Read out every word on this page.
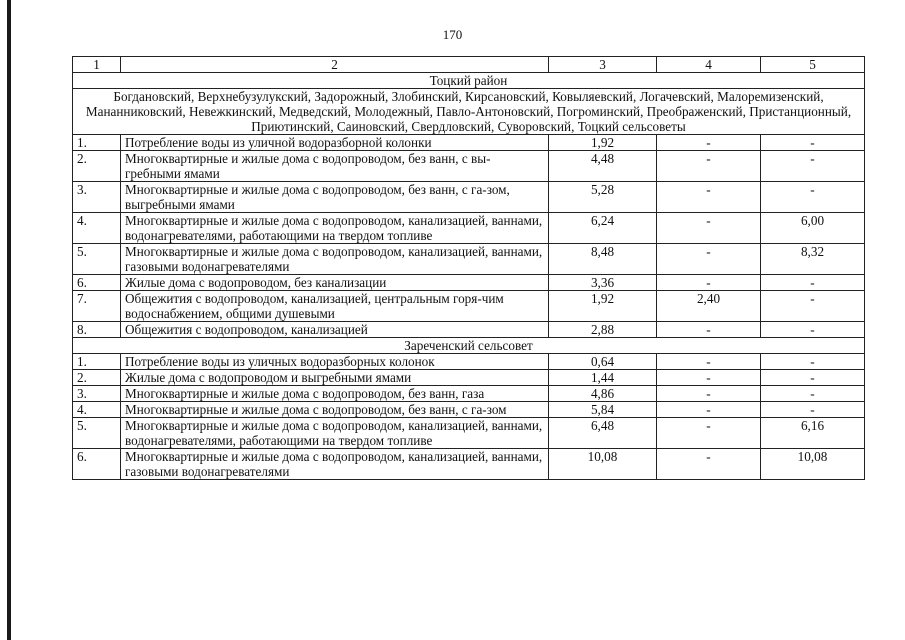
170
1	2	3	4	5
Тоцкий район				
Богдановский, Верхнебузулукский, Задорожный, Злобинский, Кирсановский, Ковыляевский, Логачевский, Малоремизенский, Мананниковский, Невежкинский, Медведский, Молодежный, Павло-Антоновский, Погроминский, Преображенский, Пристанционный, Приютинский, Саиновский, Свердловский, Суворовский, Тоцкий сельсоветы				
1.	Потребление воды из уличной водоразборной колонки	1,92	-	-
2.	Многоквартирные и жилые дома с водопроводом, без ванн, с вы-гребными ямами	4,48	-	-
3.	Многоквартирные и жилые дома с водопроводом, без ванн, с га-зом, выгребными ямами	5,28	-	-
4.	Многоквартирные и жилые дома с водопроводом, канализацией, ваннами, водонагревателями, работающими на твердом топливе	6,24	-	6,00
5.	Многоквартирные и жилые дома с водопроводом, канализацией, ваннами, газовыми водонагревателями	8,48	-	8,32
6.	Жилые дома с водопроводом, без канализации	3,36	-	-
7.	Общежития с водопроводом, канализацией, центральным горя-чим водоснабжением, общими душевыми	1,92	2,40	-
8.	Общежития с водопроводом, канализацией	2,88	-	-
Зареченский сельсовет				
1.	Потребление воды из уличных водоразборных колонок	0,64	-	-
2.	Жилые дома с водопроводом и выгребными ямами	1,44	-	-
3.	Многоквартирные и жилые дома с водопроводом, без ванн, газа	4,86	-	-
4.	Многоквартирные и жилые дома с водопроводом, без ванн, с га-зом	5,84	-	-
5.	Многоквартирные и жилые дома с водопроводом, канализацией, ваннами, водонагревателями, работающими на твердом топливе	6,48	-	6,16
6.	Многоквартирные и жилые дома с водопроводом, канализацией, ваннами, газовыми водонагревателями	10,08	-	10,08
